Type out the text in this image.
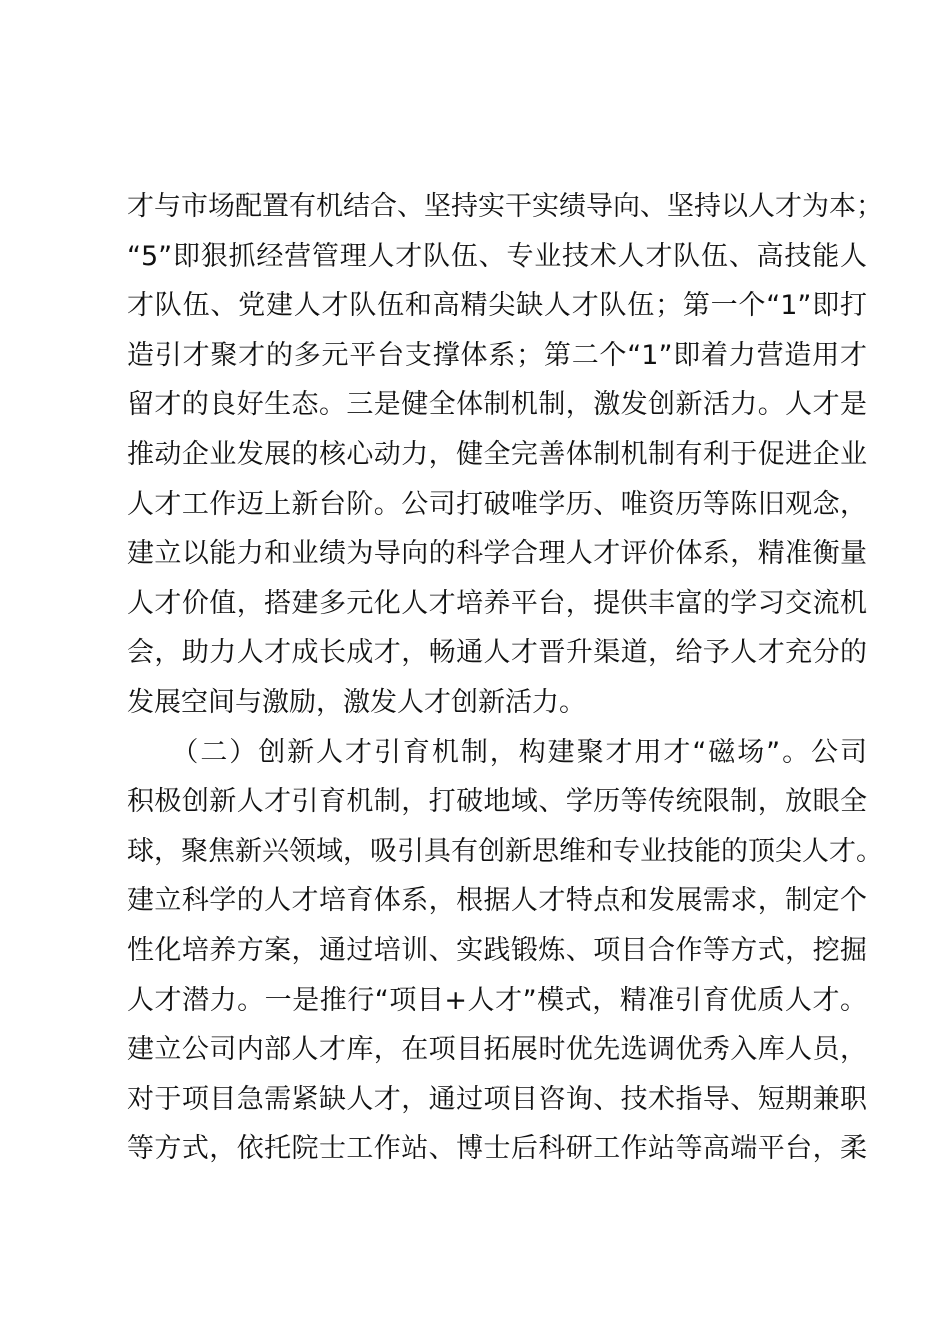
才与市场配置有机结合、坚持实干实绩导向、坚持以人才为本；
“5”即狠抓经营管理人才队伍、专业技术人才队伍、高技能人
才队伍、党建人才队伍和高精尖缺人才队伍；第一个“1”即打
造引才聚才的多元平台支撑体系；第二个“1”即着力营造用才
留才的良好生态。三是健全体制机制，激发创新活力。人才是
推动企业发展的核心动力，健全完善体制机制有利于促进企业
人才工作迈上新台阶。公司打破唯学历、唯资历等陈旧观念，
建立以能力和业绩为导向的科学合理人才评价体系，精准衡量
人才价值，搭建多元化人才培养平台，提供丰富的学习交流机
会，助力人才成长成才，畅通人才晋升渠道，给予人才充分的
发展空间与激励，激发人才创新活力。
　　（二）创新人才引育机制，构建聚才用才“磁场”。公司
积极创新人才引育机制，打破地域、学历等传统限制，放眼全
球，聚焦新兴领域，吸引具有创新思维和专业技能的顶尖人才。
建立科学的人才培育体系，根据人才特点和发展需求，制定个
性化培养方案，通过培训、实践锻炼、项目合作等方式，挖掘
人才潜力。一是推行“项目+人才”模式，精准引育优质人才。
建立公司内部人才库，在项目拓展时优先选调优秀入库人员，
对于项目急需紧缺人才，通过项目咨询、技术指导、短期兼职
等方式，依托院士工作站、博士后科研工作站等高端平台，柔
